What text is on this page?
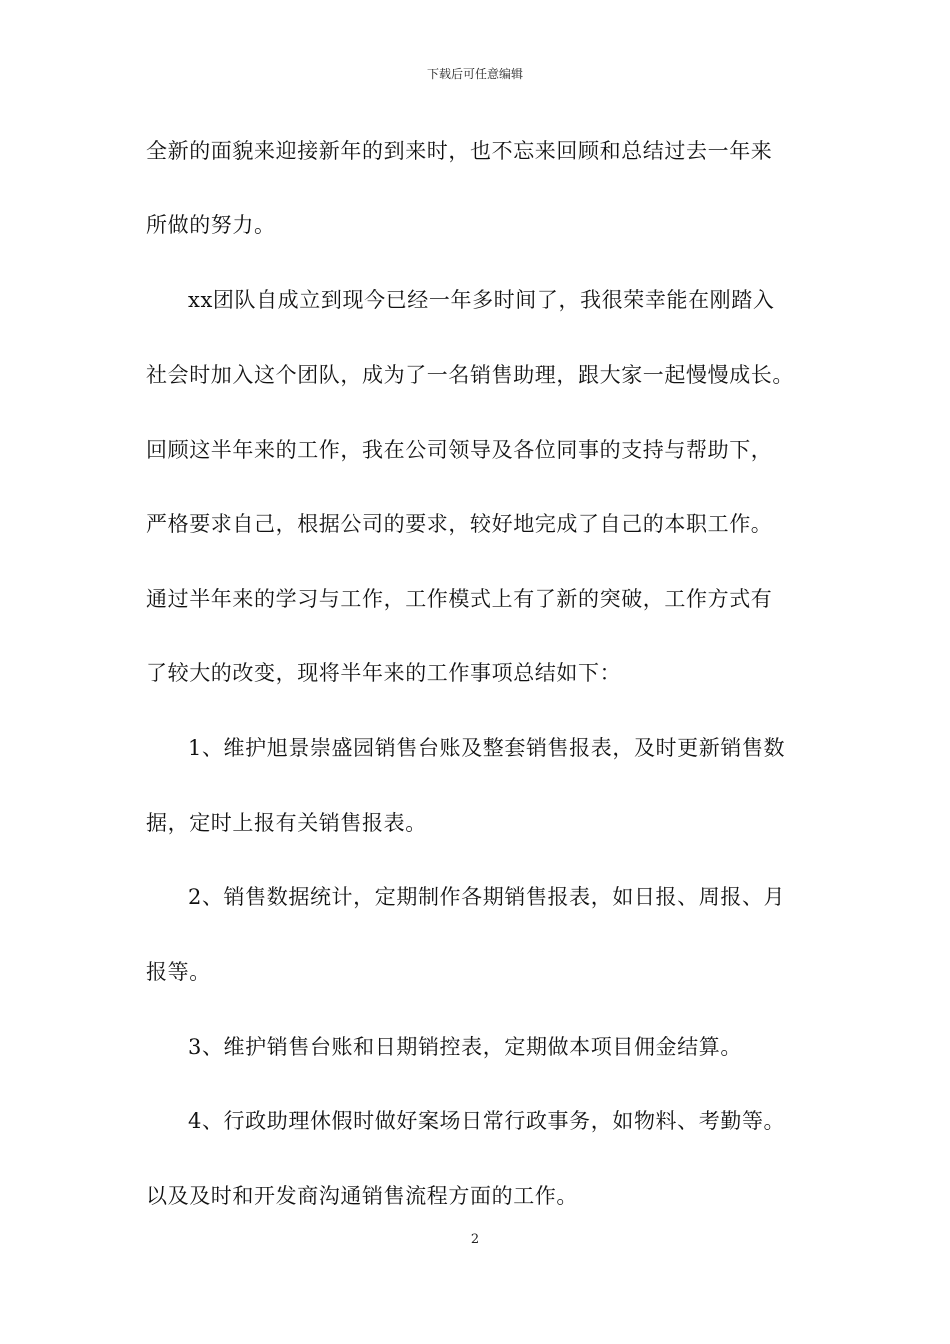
下载后可任意编辑
全新的面貌来迎接新年的到来时，也不忘来回顾和总结过去一年来
所做的努力。
xx团队自成立到现今已经一年多时间了，我很荣幸能在刚踏入
社会时加入这个团队，成为了一名销售助理，跟大家一起慢慢成长。
回顾这半年来的工作，我在公司领导及各位同事的支持与帮助下，
严格要求自己，根据公司的要求，较好地完成了自己的本职工作。
通过半年来的学习与工作，工作模式上有了新的突破，工作方式有
了较大的改变，现将半年来的工作事项总结如下：
1、维护旭景崇盛园销售台账及整套销售报表，及时更新销售数
据，定时上报有关销售报表。
2、销售数据统计，定期制作各期销售报表，如日报、周报、月
报等。
3、维护销售台账和日期销控表，定期做本项目佣金结算。
4、行政助理休假时做好案场日常行政事务，如物料、考勤等。
以及及时和开发商沟通销售流程方面的工作。
2
